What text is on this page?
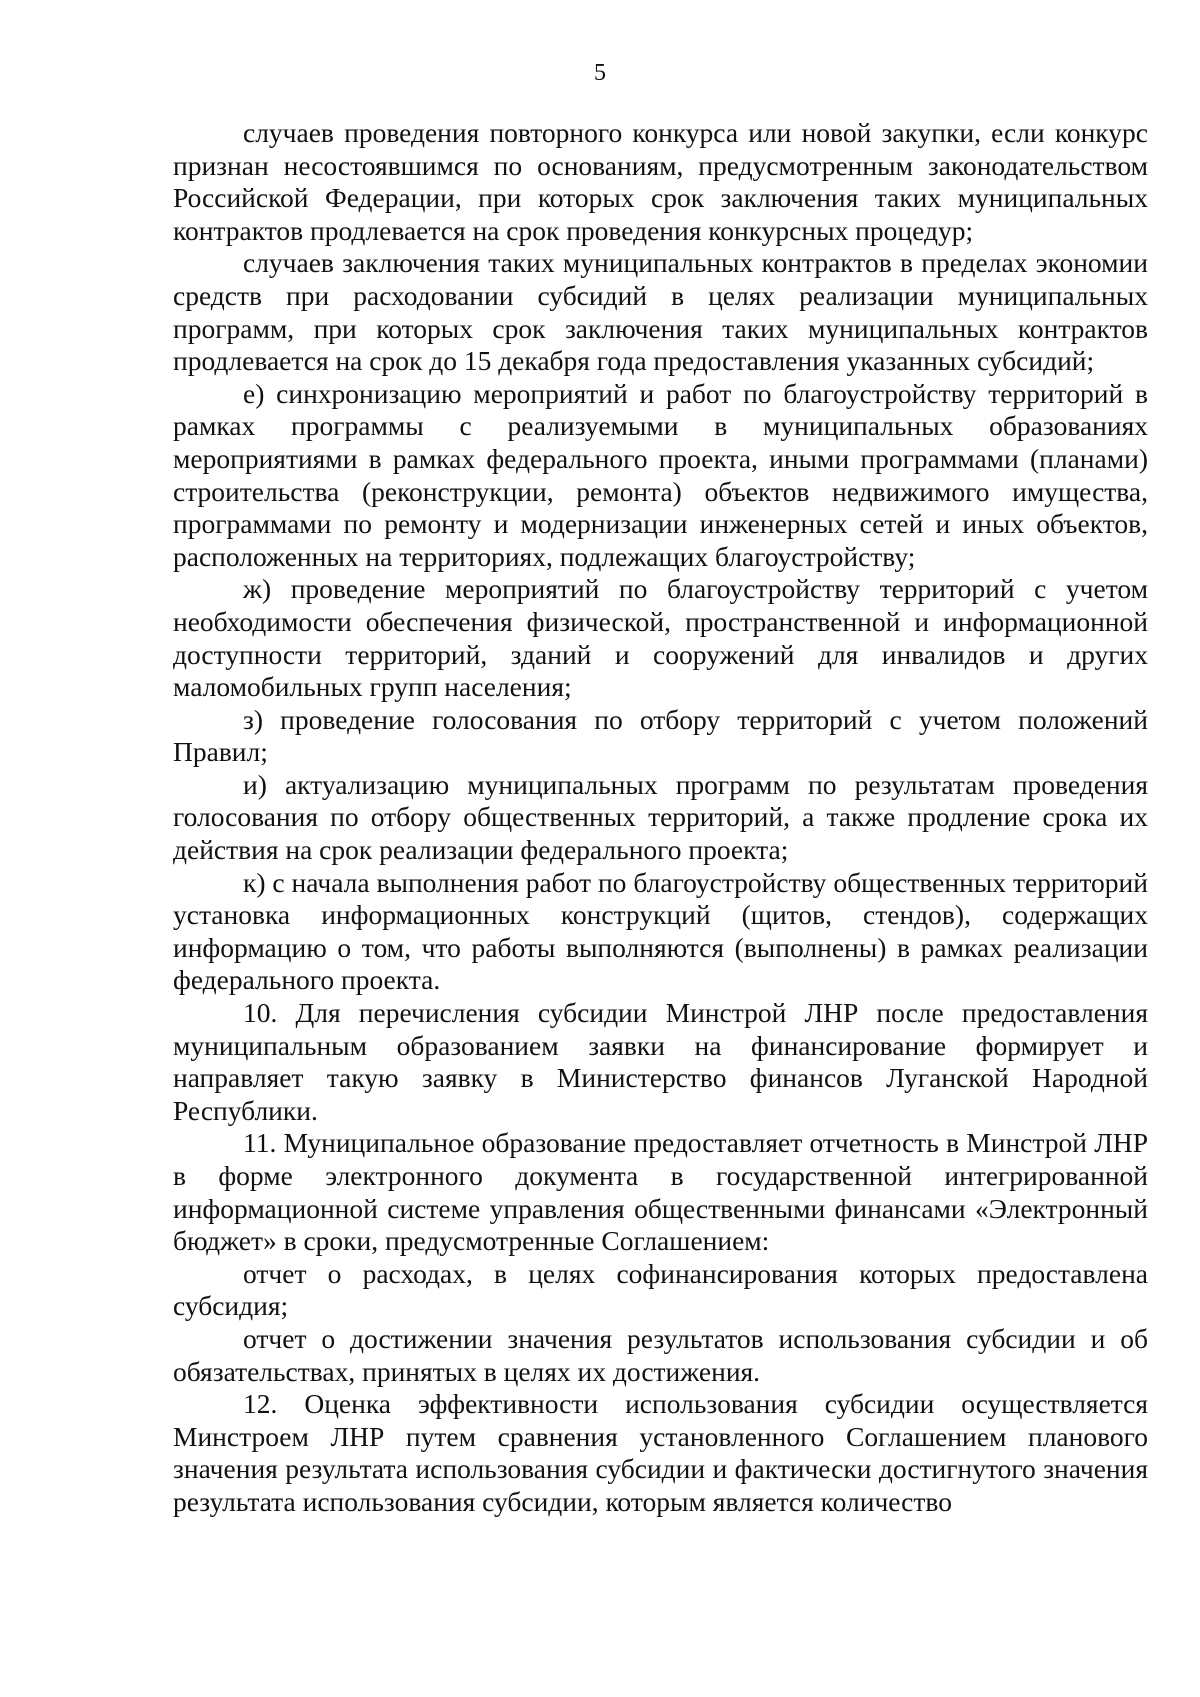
5

случаев проведения повторного конкурса или новой закупки, если конкурс признан несостоявшимся по основаниям, предусмотренным законодательством Российской Федерации, при которых срок заключения таких муниципальных контрактов продлевается на срок проведения конкурсных процедур;

случаев заключения таких муниципальных контрактов в пределах экономии средств при расходовании субсидий в целях реализации муниципальных программ, при которых срок заключения таких муниципальных контрактов продлевается на срок до 15 декабря года предоставления указанных субсидий;

е) синхронизацию мероприятий и работ по благоустройству территорий в рамках программы с реализуемыми в муниципальных образованиях мероприятиями в рамках федерального проекта, иными программами (планами) строительства (реконструкции, ремонта) объектов недвижимого имущества, программами по ремонту и модернизации инженерных сетей и иных объектов, расположенных на территориях, подлежащих благоустройству;

ж) проведение мероприятий по благоустройству территорий с учетом необходимости обеспечения физической, пространственной и информационной доступности территорий, зданий и сооружений для инвалидов и других маломобильных групп населения;

з) проведение голосования по отбору территорий с учетом положений Правил;

и) актуализацию муниципальных программ по результатам проведения голосования по отбору общественных территорий, а также продление срока их действия на срок реализации федерального проекта;

к) с начала выполнения работ по благоустройству общественных территорий установка информационных конструкций (щитов, стендов), содержащих информацию о том, что работы выполняются (выполнены) в рамках реализации федерального проекта.

10. Для перечисления субсидии Минстрой ЛНР после предоставления муниципальным образованием заявки на финансирование формирует и направляет такую заявку в Министерство финансов Луганской Народной Республики.

11. Муниципальное образование предоставляет отчетность в Минстрой ЛНР в форме электронного документа в государственной интегрированной информационной системе управления общественными финансами «Электронный бюджет» в сроки, предусмотренные Соглашением:

отчет о расходах, в целях софинансирования которых предоставлена субсидия;

отчет о достижении значения результатов использования субсидии и об обязательствах, принятых в целях их достижения.

12. Оценка эффективности использования субсидии осуществляется Минстроем ЛНР путем сравнения установленного Соглашением планового значения результата использования субсидии и фактически достигнутого значения результата использования субсидии, которым является количество
